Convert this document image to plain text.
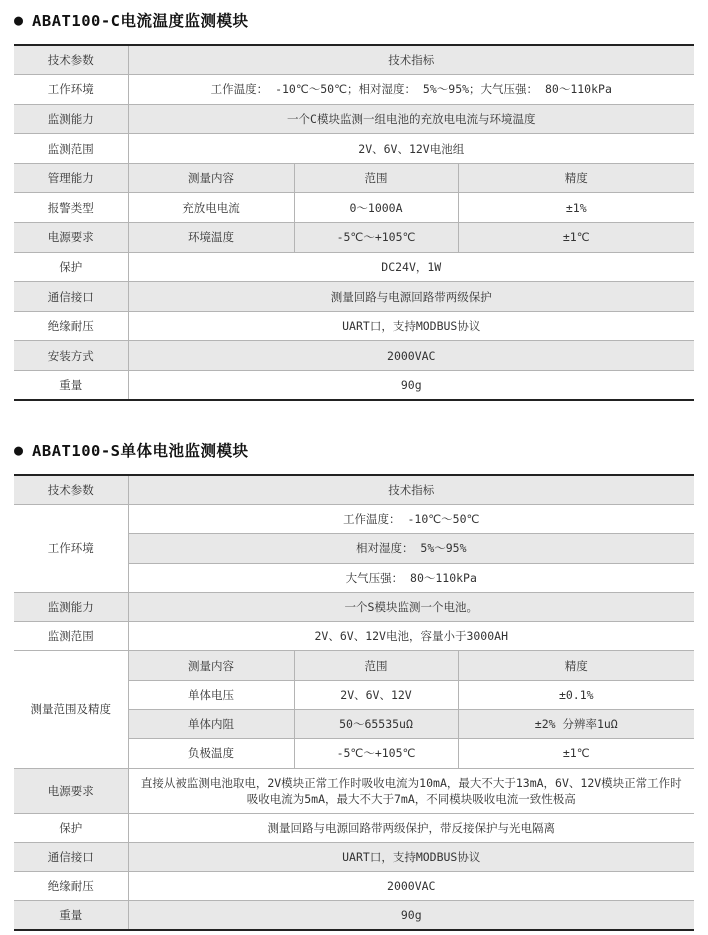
● ABAT100-C电流温度监测模块
技术参数	技术指标		
工作环境	工作温度： -10℃～50℃；相对湿度： 5%～95%；大气压强： 80～110kPa		
监测能力	一个C模块监测一组电池的充放电电流与环境温度		
监测范围	2V、6V、12V电池组		
管理能力	测量内容	范围	精度
报警类型	充放电电流	0～1000A	±1%
电源要求	环境温度	-5℃～+105℃	±1℃
保护	DC24V，1W		
通信接口	测量回路与电源回路带两级保护		
绝缘耐压	UART口，支持MODBUS协议		
安装方式	2000VAC		
重量	90g		
● ABAT100-S单体电池监测模块
技术参数	技术指标		
工作环境	工作温度： -10℃～50℃		
	相对湿度： 5%～95%		
	大气压强： 80～110kPa		
监测能力	一个S模块监测一个电池。		
监测范围	2V、6V、12V电池，容量小于3000AH		
测量范围及精度	测量内容	范围	精度
	单体电压	2V、6V、12V	±0.1%
	单体内阻	50～65535uΩ	±2% 分辨率1uΩ
	负极温度	-5℃～+105℃	±1℃
电源要求	直接从被监测电池取电，2V模块正常工作时吸收电流为10mA，最大不大于13mA，6V、12V模块正常工作时吸收电流为5mA，最大不大于7mA，不同模块吸收电流一致性极高		
保护	测量回路与电源回路带两级保护，带反接保护与光电隔离		
通信接口	UART口，支持MODBUS协议		
绝缘耐压	2000VAC		
重量	90g		
